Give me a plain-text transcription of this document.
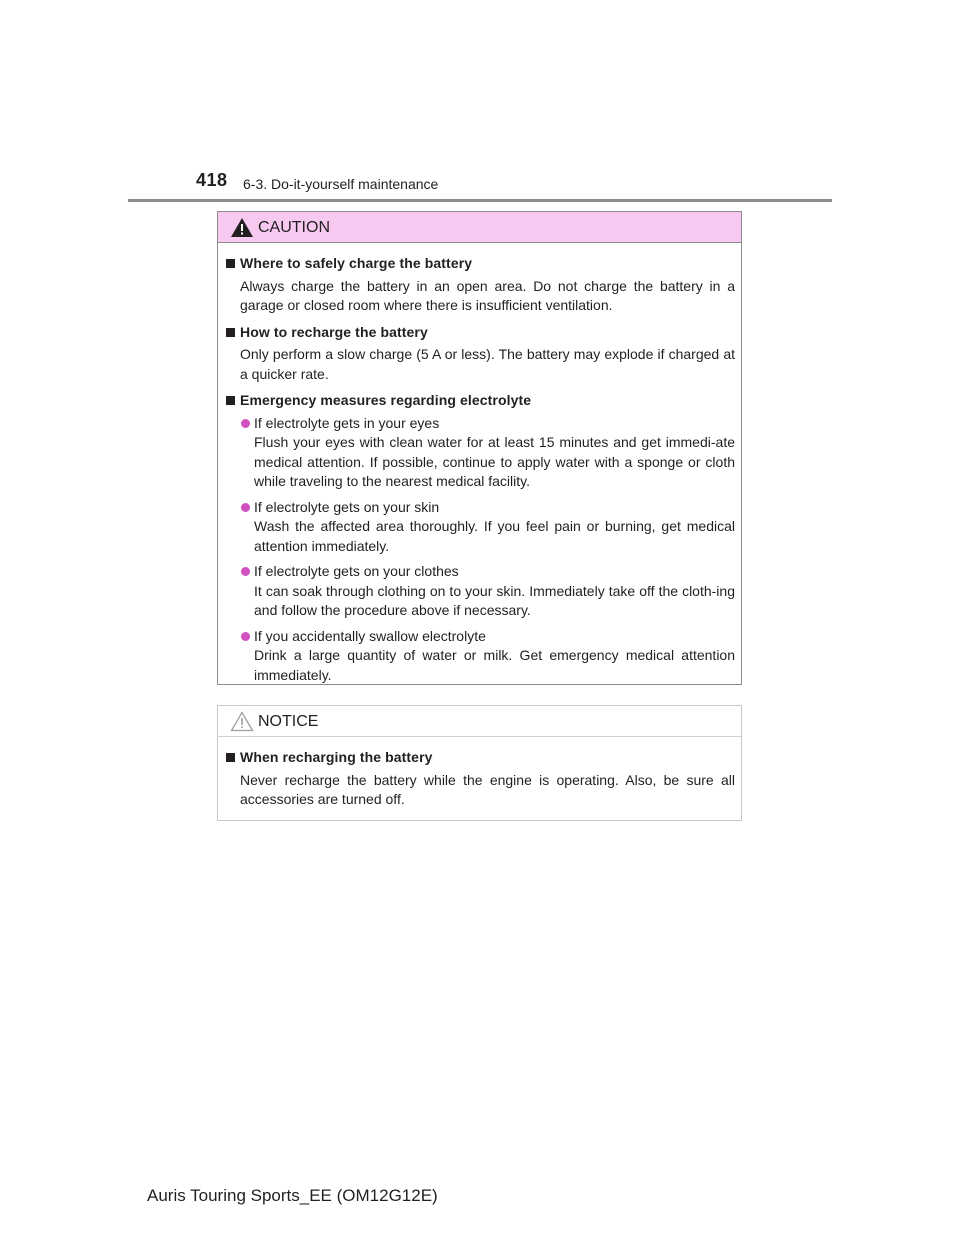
418 6-3. Do-it-yourself maintenance
CAUTION
Where to safely charge the battery
Always charge the battery in an open area. Do not charge the battery in a garage or closed room where there is insufficient ventilation.
How to recharge the battery
Only perform a slow charge (5 A or less). The battery may explode if charged at a quicker rate.
Emergency measures regarding electrolyte
If electrolyte gets in your eyes
Flush your eyes with clean water for at least 15 minutes and get immedi-ate medical attention. If possible, continue to apply water with a sponge or cloth while traveling to the nearest medical facility.
If electrolyte gets on your skin
Wash the affected area thoroughly. If you feel pain or burning, get medical attention immediately.
If electrolyte gets on your clothes
It can soak through clothing on to your skin. Immediately take off the cloth-ing and follow the procedure above if necessary.
If you accidentally swallow electrolyte
Drink a large quantity of water or milk. Get emergency medical attention immediately.
NOTICE
When recharging the battery
Never recharge the battery while the engine is operating. Also, be sure all accessories are turned off.
Auris Touring Sports_EE (OM12G12E)
